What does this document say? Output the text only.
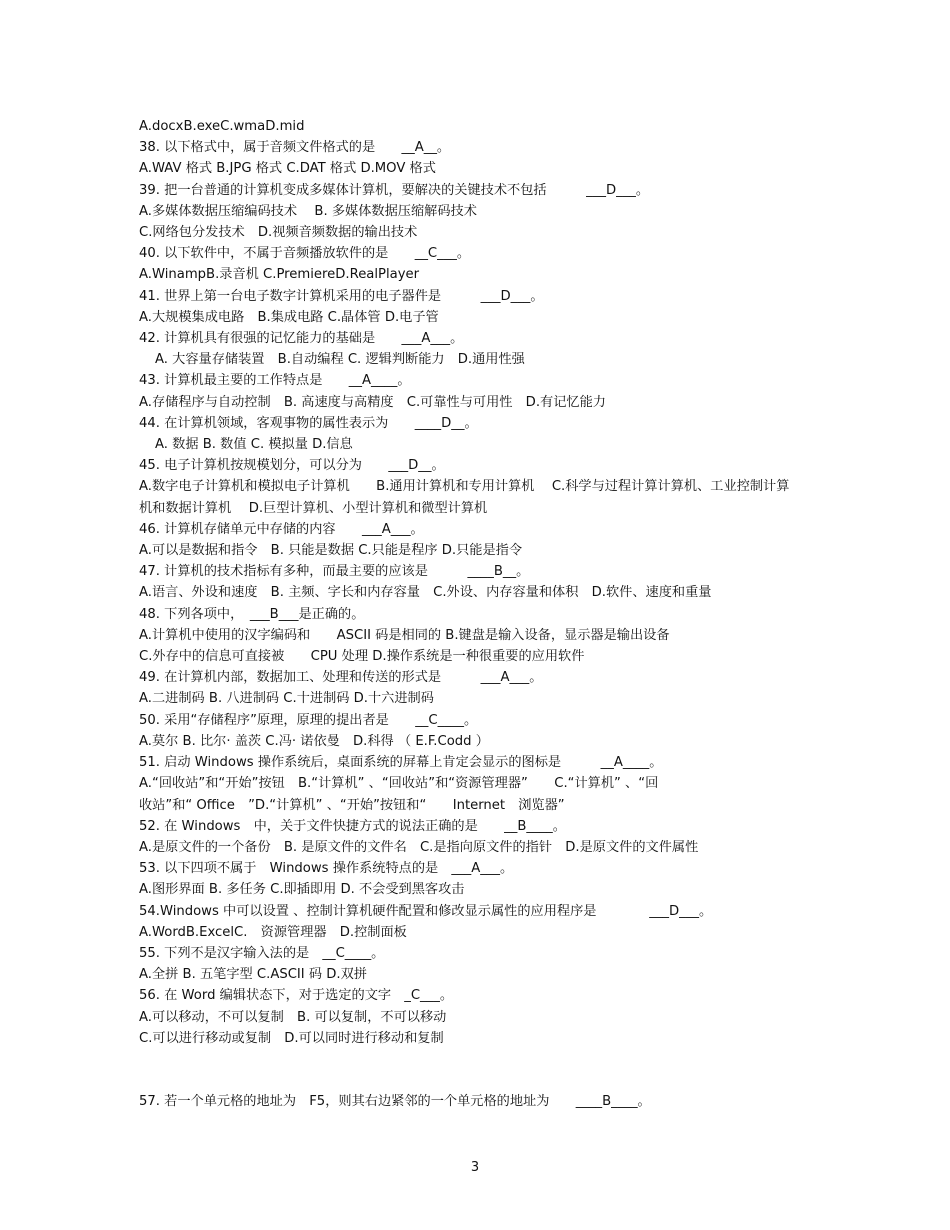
A.docxB.exeC.wmaD.mid
38. 以下格式中，属于音频文件格式的是　　__A__。
A.WAV 格式 B.JPG 格式 C.DAT 格式 D.MOV 格式
39. 把一台普通的计算机变成多媒体计算机，要解决的关键技术不包括　　　___D___。
A.多媒体数据压缩编码技术　 B. 多媒体数据压缩解码技术
C.网络包分发技术　D.视频音频数据的输出技术
40. 以下软件中，不属于音频播放软件的是　　__C___。
A.WinampB.录音机 C.PremiereD.RealPlayer
41. 世界上第一台电子数字计算机采用的电子器件是　　　___D___。
A.大规模集成电路　B.集成电路 C.晶体管 D.电子管
42. 计算机具有很强的记忆能力的基础是　　___A___。
A. 大容量存储装置　B.自动编程 C. 逻辑判断能力　D.通用性强
43. 计算机最主要的工作特点是　　__A____。
A.存储程序与自动控制　B. 高速度与高精度　C.可靠性与可用性　D.有记忆能力
44. 在计算机领域，客观事物的属性表示为　　____D__。
A. 数据 B. 数值 C. 模拟量 D.信息
45. 电子计算机按规模划分，可以分为　　___D__。
A.数字电子计算机和模拟电子计算机　　B.通用计算机和专用计算机　 C.科学与过程计算计算机、工业控制计算机和数据计算机　 D.巨型计算机、小型计算机和微型计算机
46. 计算机存储单元中存储的内容　　___A___。
A.可以是数据和指令　B. 只能是数据 C.只能是程序 D.只能是指令
47. 计算机的技术指标有多种，而最主要的应该是　　　____B__。
A.语言、外设和速度　B. 主频、字长和内存容量　C.外设、内存容量和体积　D.软件、速度和重量
48. 下列各项中，　___B___是正确的。
A.计算机中使用的汉字编码和　　ASCII 码是相同的 B.键盘是输入设备，显示器是输出设备
C.外存中的信息可直接被　　CPU 处理 D.操作系统是一种很重要的应用软件
49. 在计算机内部，数据加工、处理和传送的形式是　　　___A___。
A.二进制码 B. 八进制码 C.十进制码 D.十六进制码
50. 采用“存储程序”原理，原理的提出者是　　__C____。
A.莫尔 B. 比尔· 盖茨 C.冯· 诺依曼　D.科得 （ E.F.Codd ）
51. 启动 Windows 操作系统后，桌面系统的屏幕上肯定会显示的图标是　　　__A____。
A.“回收站”和“开始”按钮　B.“计算机” 、“回收站”和“资源管理器”　　C.“计算机” 、“回
收站”和“ Office　”D.“计算机” 、“开始”按钮和“　　Internet　浏览器”
52. 在 Windows　中，关于文件快捷方式的说法正确的是　　__B____。
A.是原文件的一个备份　B. 是原文件的文件名　C.是指向原文件的指针　D.是原文件的文件属性
53. 以下四项不属于　Windows 操作系统特点的是　___A___。
A.图形界面 B. 多任务 C.即插即用 D. 不会受到黑客攻击
54.Windows 中可以设置 、控制计算机硬件配置和修改显示属性的应用程序是　　　　___D___。
A.WordB.ExcelC.　资源管理器　D.控制面板
55. 下列不是汉字输入法的是　__C____。
A.全拼 B. 五笔字型 C.ASCII 码 D.双拼
56. 在 Word 编辑状态下，对于选定的文字　_C___。
A.可以移动，不可以复制　B. 可以复制，不可以移动
C.可以进行移动或复制　D.可以同时进行移动和复制
57. 若一个单元格的地址为　F5，则其右边紧邻的一个单元格的地址为　　____B____。
3
